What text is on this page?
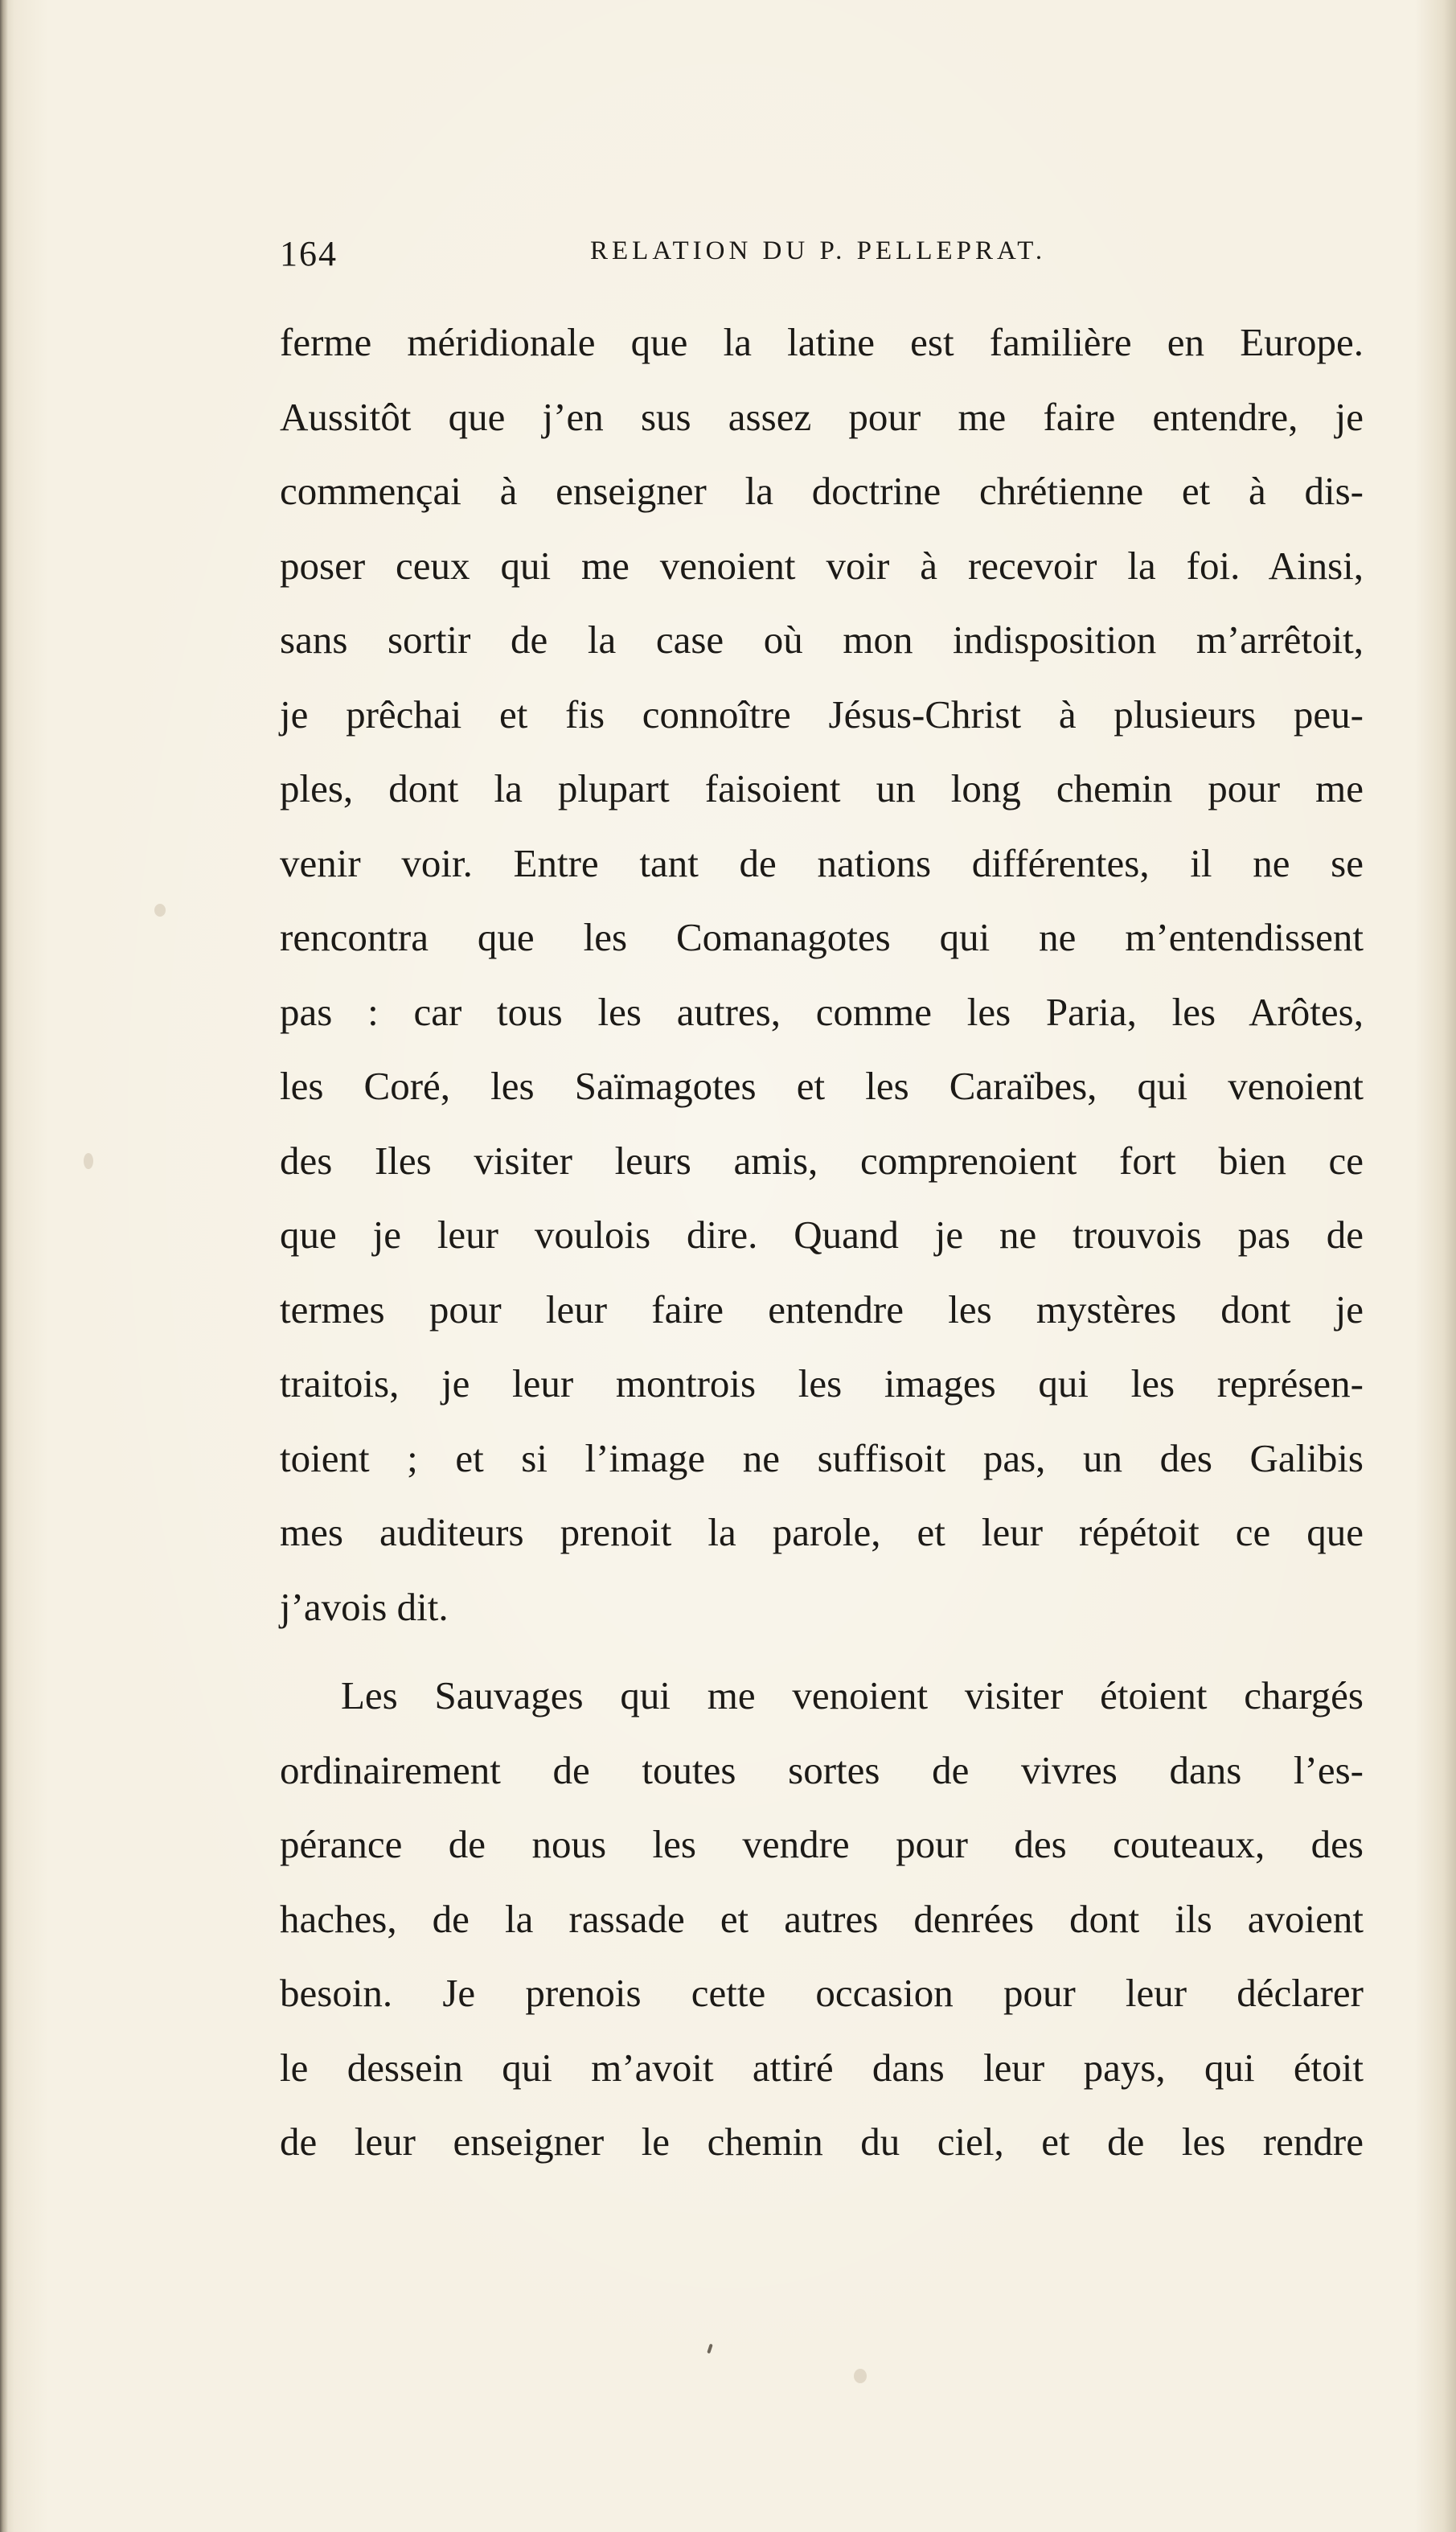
164	RELATION DU P. PELLEPRAT.
ferme méridionale que la latine est familière en Europe.
Aussitôt que j’en sus assez pour me faire entendre, je
commençai à enseigner la doctrine chrétienne et à dis-
poser ceux qui me venoient voir à recevoir la foi. Ainsi,
sans sortir de la case où mon indisposition m’arrêtoit,
je prêchai et fis connoître Jésus-Christ à plusieurs peu-
ples, dont la plupart faisoient un long chemin pour me
venir voir. Entre tant de nations différentes, il ne se
rencontra que les Comanagotes qui ne m’entendissent
pas : car tous les autres, comme les Paria, les Arôtes,
les Coré, les Saïmagotes et les Caraïbes, qui venoient
des Iles visiter leurs amis, comprenoient fort bien ce
que je leur voulois dire. Quand je ne trouvois pas de
termes pour leur faire entendre les mystères dont je
traitois, je leur montrois les images qui les représen-
toient ; et si l’image ne suffisoit pas, un des Galibis
mes auditeurs prenoit la parole, et leur répétoit ce que
j’avois dit.
Les Sauvages qui me venoient visiter étoient chargés
ordinairement de toutes sortes de vivres dans l’es-
pérance de nous les vendre pour des couteaux, des
haches, de la rassade et autres denrées dont ils avoient
besoin. Je prenois cette occasion pour leur déclarer
le dessein qui m’avoit attiré dans leur pays, qui étoit
de leur enseigner le chemin du ciel, et de les rendre
